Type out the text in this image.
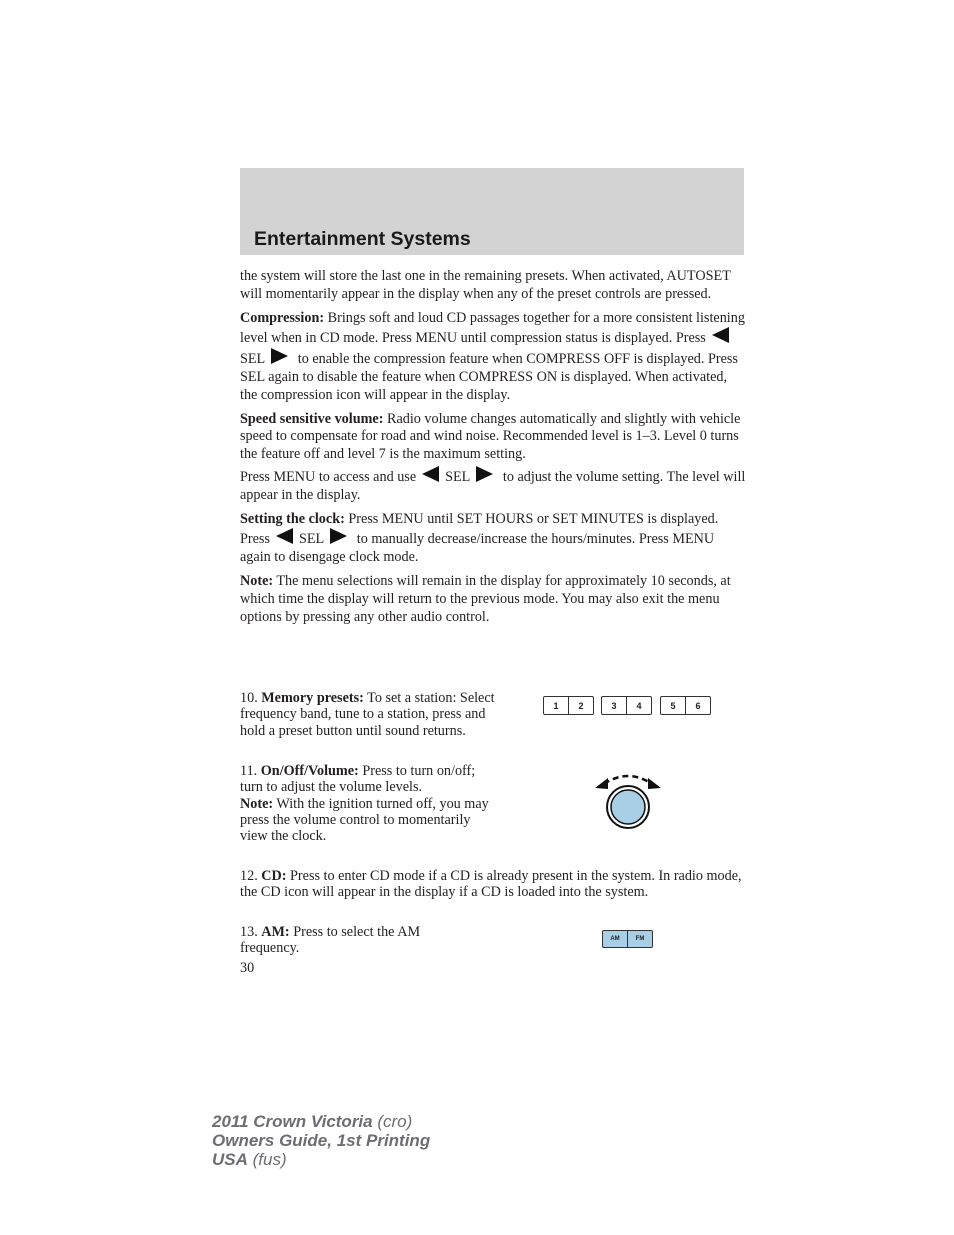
Entertainment Systems

the system will store the last one in the remaining presets. When activated, AUTOSET will momentarily appear in the display when any of the preset controls are pressed.

Compression: Brings soft and loud CD passages together for a more consistent listening level when in CD mode. Press MENU until compression status is displayed. PressSEL to enable the compression feature when COMPRESS OFF is displayed. Press SEL again to disable the feature when COMPRESS ON is displayed. When activated, the compression icon will appear in the display.

Speed sensitive volume: Radio volume changes automatically and slightly with vehicle speed to compensate for road and wind noise. Recommended level is 1–3. Level 0 turns the feature off and level 7 is the maximum setting.

Press MENU to access and use SEL to adjust the volume setting. The level will appear in the display.

Setting the clock: Press MENU until SET HOURS or SET MINUTES is displayed. Press SEL to manually decrease/increase the hours/minutes. Press MENU again to disengage clock mode.

Note: The menu selections will remain in the display for approximately 10 seconds, at which time the display will return to the previous mode. You may also exit the menu options by pressing any other audio control.

10. Memory presets: To set a station: Select frequency band, tune to a station, press and hold a preset button until sound returns.

1	2	3	4	5	6

11. On/Off/Volume: Press to turn on/off; turn to adjust the volume levels.

Note: With the ignition turned off, you may press the volume control to momentarily view the clock.

12. CD: Press to enter CD mode if a CD is already present in the system. In radio mode, the CD icon will appear in the display if a CD is loaded into the system.

13. AM: Press to select the AM frequency.

AM	FM
30
2011 Crown Victoria (cro)
Owners Guide, 1st Printing
USA (fus)
